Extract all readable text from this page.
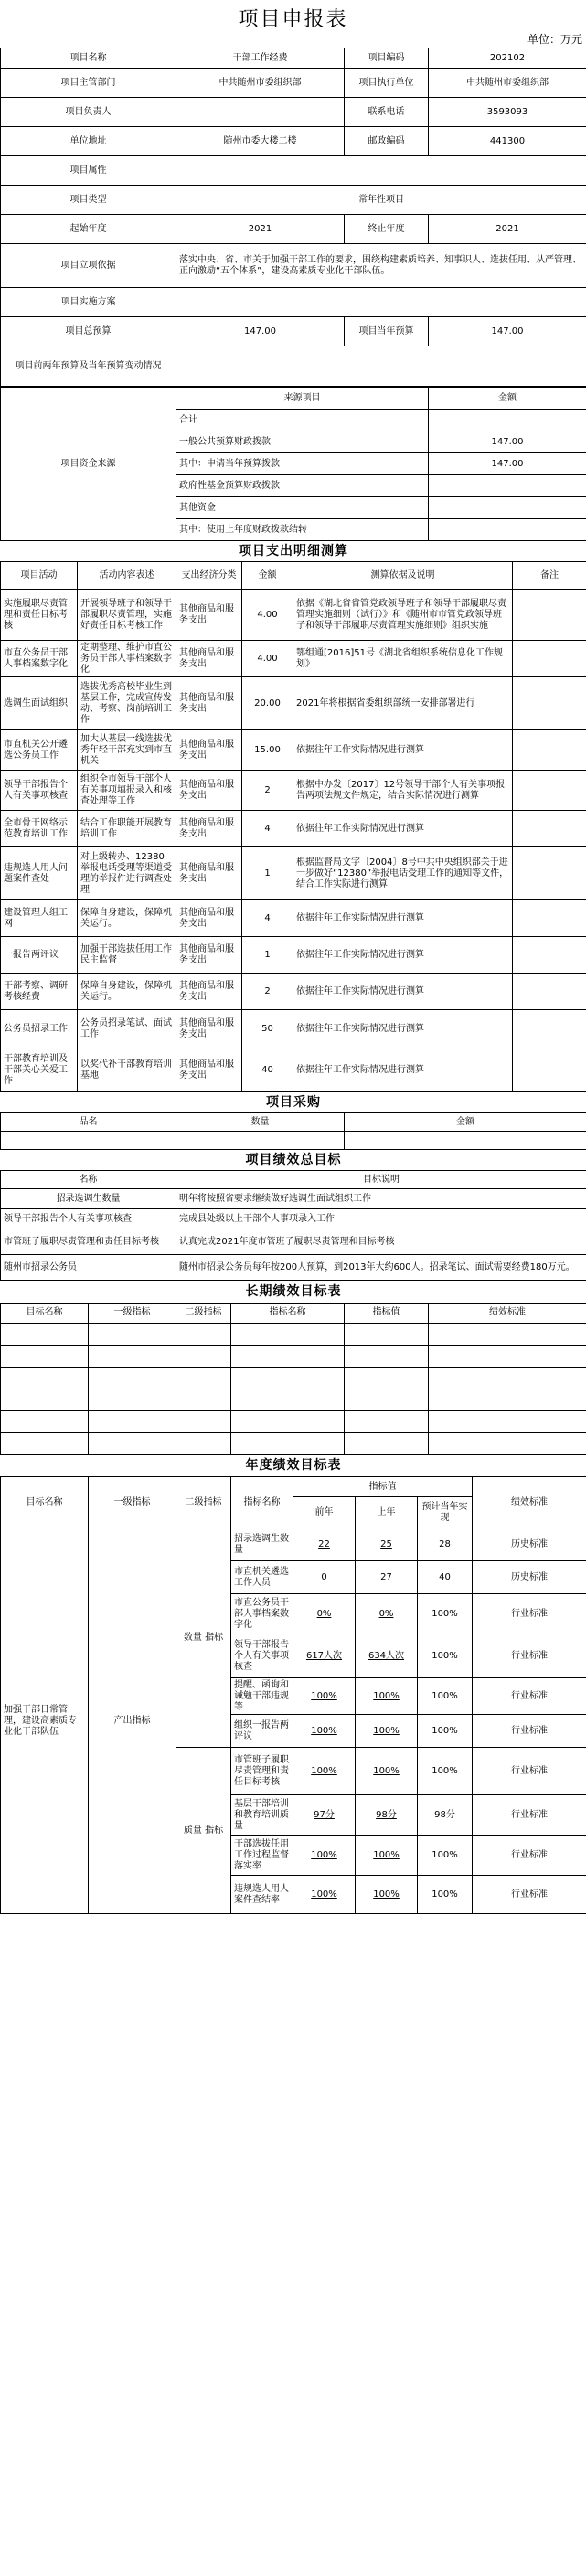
项目申报表
单位：万元
项目名称	干部工作经费	项目编码	202102
项目主管部门	中共随州市委组织部	项目执行单位	中共随州市委组织部
项目负责人		联系电话	3593093
单位地址	随州市委大楼二楼	邮政编码	441300
项目属性			
项目类型	常年性项目		
起始年度	2021	终止年度	2021
项目立项依据	落实中央、省、市关于加强干部工作的要求，围绕构建素质培养、知事识人、选拔任用、从严管理、正向激励“五个体系”，建设高素质专业化干部队伍。		
项目实施方案			
项目总预算	147.00	项目当年预算	147.00
项目前两年预算及当年预算变动情况			
项目资金来源	来源项目	金额
	合计	
	一般公共预算财政拨款	147.00
	其中：申请当年预算拨款	147.00
	政府性基金预算财政拨款	
	其他资金	
	其中：使用上年度财政拨款结转	
项目支出明细测算					
项目活动	活动内容表述	支出经济分类	金额	测算依据及说明	备注
实施履职尽责管理和责任目标考核	开展领导班子和领导干部履职尽责管理，实施好责任目标考核工作	其他商品和服务支出	4.00	依据《湖北省省管党政领导班子和领导干部履职尽责管理实施细则（试行）》和《随州市市管党政领导班子和领导干部履职尽责管理实施细则》组织实施	
市直公务员干部人事档案数字化	定期整理、维护市直公务员干部人事档案数字化	其他商品和服务支出	4.00	鄂组通[2016]51号《湖北省组织系统信息化工作规划》	
选调生面试组织	选拔优秀高校毕业生到基层工作，完成宣传发动、考察、岗前培训工作	其他商品和服务支出	20.00	2021年将根据省委组织部统一安排部署进行	
市直机关公开遴选公务员工作	加大从基层一线选拔优秀年轻干部充实到市直机关	其他商品和服务支出	15.00	依据往年工作实际情况进行测算	
领导干部报告个人有关事项核查	组织全市领导干部个人有关事项填报录入和核查处理等工作	其他商品和服务支出	2	根据中办发〔2017〕12号领导干部个人有关事项报告两项法规文件规定，结合实际情况进行测算	
全市骨干网络示范教育培训工作	结合工作职能开展教育培训工作	其他商品和服务支出	4	依据往年工作实际情况进行测算	
违规选人用人问题案件查处	对上级转办、12380举报电话受理等渠道受理的举报件进行调查处理	其他商品和服务支出	1	根据监督局文字〔2004〕8号中共中央组织部关于进一步做好“12380”举报电话受理工作的通知等文件，结合工作实际进行测算	
建设管理大组工网	保障自身建设，保障机关运行。	其他商品和服务支出	4	依据往年工作实际情况进行测算	
一报告两评议	加强干部选拔任用工作民主监督	其他商品和服务支出	1	依据往年工作实际情况进行测算	
干部考察、调研考核经费	保障自身建设，保障机关运行。	其他商品和服务支出	2	依据往年工作实际情况进行测算	
公务员招录工作	公务员招录笔试、面试工作	其他商品和服务支出	50	依据往年工作实际情况进行测算	
干部教育培训及干部关心关爱工作	以奖代补干部教育培训基地	其他商品和服务支出	40	依据往年工作实际情况进行测算	
项目采购		
品名	数量	金额

项目绩效总目标	
名称	目标说明
招录选调生数量	明年将按照省要求继续做好选调生面试组织工作
领导干部报告个人有关事项核查	完成县处级以上干部个人事项录入工作
市管班子履职尽责管理和责任目标考核	认真完成2021年度市管班子履职尽责管理和目标考核
随州市招录公务员	随州市招录公务员每年按200人预算，到2013年大约600人。招录笔试、面试需要经费180万元。
长期绩效目标表					
目标名称	一级指标	二级指标	指标名称	指标值	绩效标准

年度绩效目标表							
目标名称	一级指标	二级指标	指标名称	指标值			绩效标准
				前年	上年	预计当年实现	
加强干部日常管理，建设高素质专业化干部队伍	产出指标	数量 指标	招录选调生数量	22	25	28	历史标准
			市直机关遴选工作人员	0	27	40	历史标准
			市直公务员干部人事档案数字化	0%	0%	100%	行业标准
			领导干部报告个人有关事项核查	617人次	634人次	100%	行业标准
			提醒、函询和诫勉干部违规等	100%	100%	100%	行业标准
			组织一报告两评议	100%	100%	100%	行业标准
		质量 指标	市管班子履职尽责管理和责任目标考核	100%	100%	100%	行业标准
			基层干部培训和教育培训质量	97分	98分	98分	行业标准
			干部选拔任用工作过程监督落实率	100%	100%	100%	行业标准
			违规选人用人案件查结率	100%	100%	100%	行业标准
